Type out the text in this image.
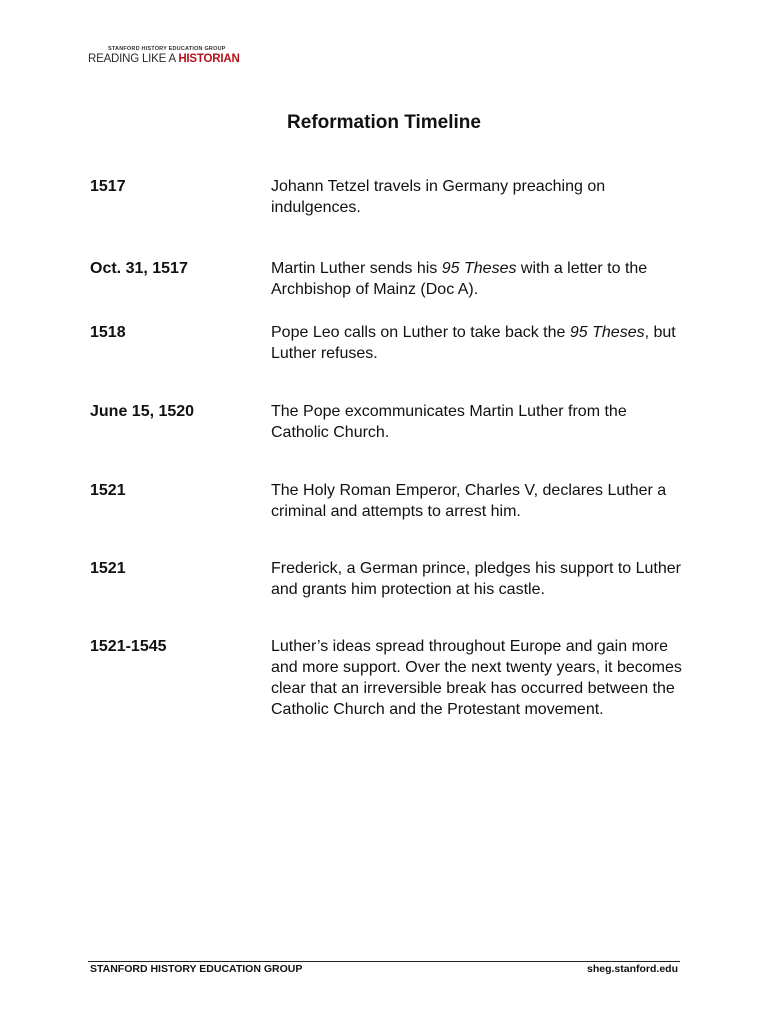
STANFORD HISTORY EDUCATION GROUP
READING LIKE A HISTORIAN
Reformation Timeline
1517	Johann Tetzel travels in Germany preaching on indulgences.
Oct. 31, 1517	Martin Luther sends his 95 Theses with a letter to the Archbishop of Mainz (Doc A).
1518	Pope Leo calls on Luther to take back the 95 Theses, but Luther refuses.
June 15, 1520	The Pope excommunicates Martin Luther from the Catholic Church.
1521	The Holy Roman Emperor, Charles V, declares Luther a criminal and attempts to arrest him.
1521	Frederick, a German prince, pledges his support to Luther and grants him protection at his castle.
1521-1545	Luther’s ideas spread throughout Europe and gain more and more support. Over the next twenty years, it becomes clear that an irreversible break has occurred between the Catholic Church and the Protestant movement.
STANFORD HISTORY EDUCATION GROUP	sheg.stanford.edu
